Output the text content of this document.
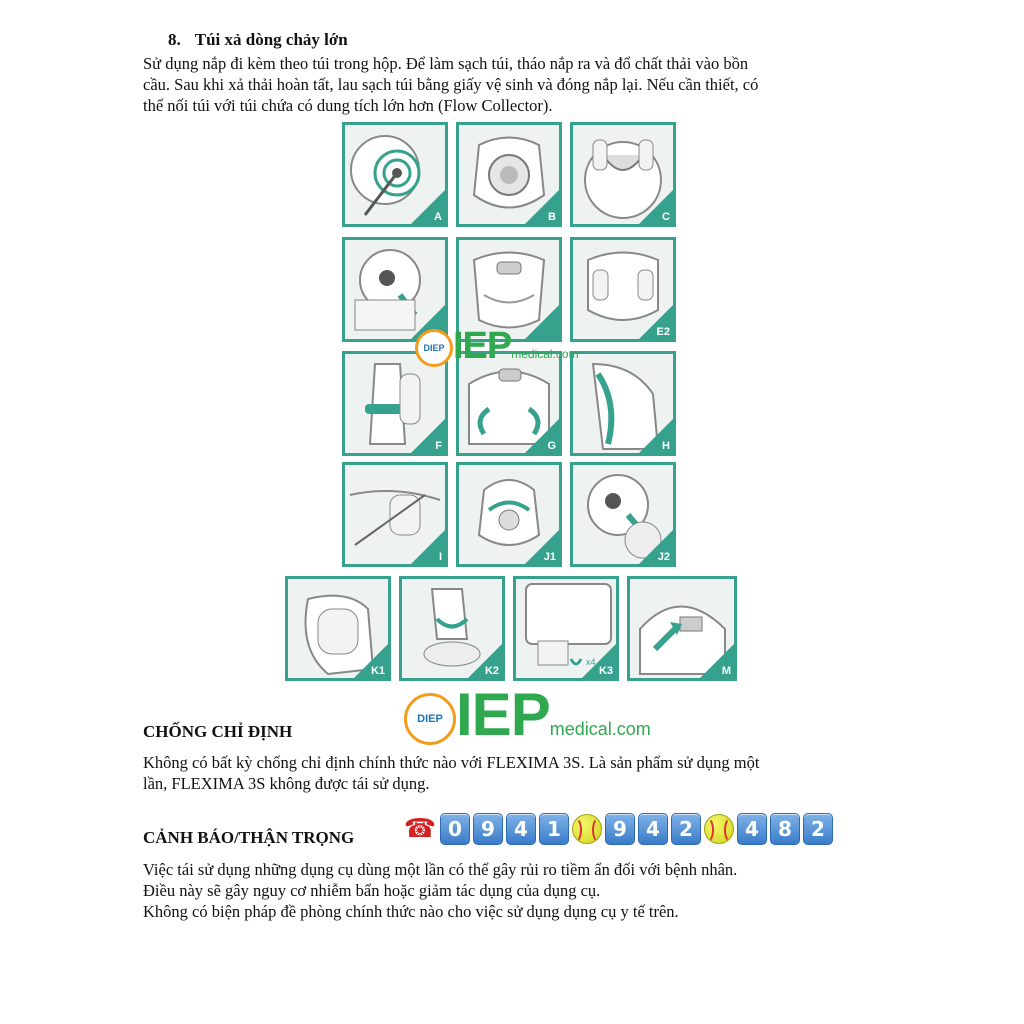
8. Túi xả dòng chảy lớn
Sử dụng nắp đi kèm theo túi trong hộp. Để làm sạch túi, tháo nắp ra và đổ chất thải vào bồn
cầu. Sau khi xả thải hoàn tất, lau sạch túi bằng giấy vệ sinh và đóng nắp lại. Nếu cần thiết, có
thể nối túi với túi chứa có dung tích lớn hơn (Flow Collector).
A	B	C
E2
F	G	H
I	J1	J2
K1	K2
x4
K3	M
DIEP IEPmedical.com
DIEP IEPmedical.com
CHỐNG CHỈ ĐỊNH
Không có bất kỳ chống chỉ định chính thức nào với FLEXIMA 3S. Là sản phẩm sử dụng một
lần, FLEXIMA 3S không được tái sử dụng.
CẢNH BÁO/THẬN TRỌNG ☎ 0 9 4 1	9 4 2	4 8 2
Việc tái sử dụng những dụng cụ dùng một lần có thể gây rủi ro tiềm ẩn đối với bệnh nhân.
Điều này sẽ gây nguy cơ nhiễm bẩn hoặc giảm tác dụng của dụng cụ.
Không có biện pháp đề phòng chính thức nào cho việc sử dụng dụng cụ y tế trên.
